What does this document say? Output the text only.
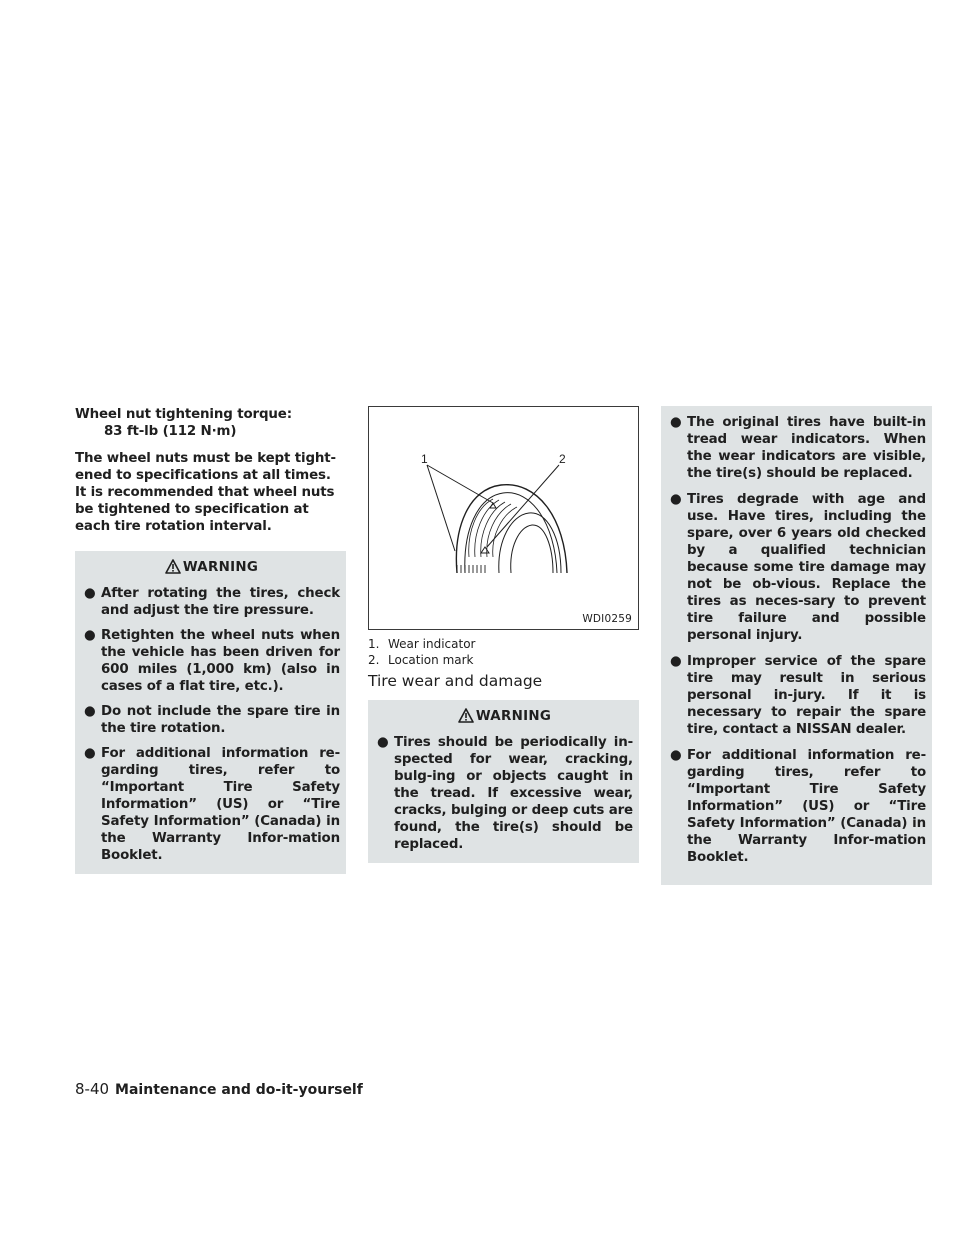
Wheel nut tightening torque:

83 ft-lb (112 N·m)

The wheel nuts must be kept tight-ened to specifications at all times. It is recommended that wheel nuts be tightened to specification at each tire rotation interval.

WARNING
● After rotating the tires, check and adjust the tire pressure.
● Retighten the wheel nuts when the vehicle has been driven for 600 miles (1,000 km) (also in cases of a flat tire, etc.).
● Do not include the spare tire in the tire rotation.
● For additional information re-garding tires, refer to “Important Tire Safety Information” (US) or “Tire Safety Information” (Canada) in the Warranty Infor-mation Booklet.
1	2
WDI0259
1. Wear indicator
2. Location mark
Tire wear and damage
WARNING
● Tires should be periodically in-spected for wear, cracking, bulg-ing or objects caught in the tread. If excessive wear, cracks, bulging or deep cuts are found, the tire(s) should be replaced.
● The original tires have built-in tread wear indicators. When the wear indicators are visible, the tire(s) should be replaced.
● Tires degrade with age and use. Have tires, including the spare, over 6 years old checked by a qualified technician because some tire damage may not be ob-vious. Replace the tires as neces-sary to prevent tire failure and possible personal injury.
● Improper service of the spare tire may result in serious personal in-jury. If it is necessary to repair the spare tire, contact a NISSAN dealer.
● For additional information re-garding tires, refer to “Important Tire Safety Information” (US) or “Tire Safety Information” (Canada) in the Warranty Infor-mation Booklet.
8-40 Maintenance and do-it-yourself
